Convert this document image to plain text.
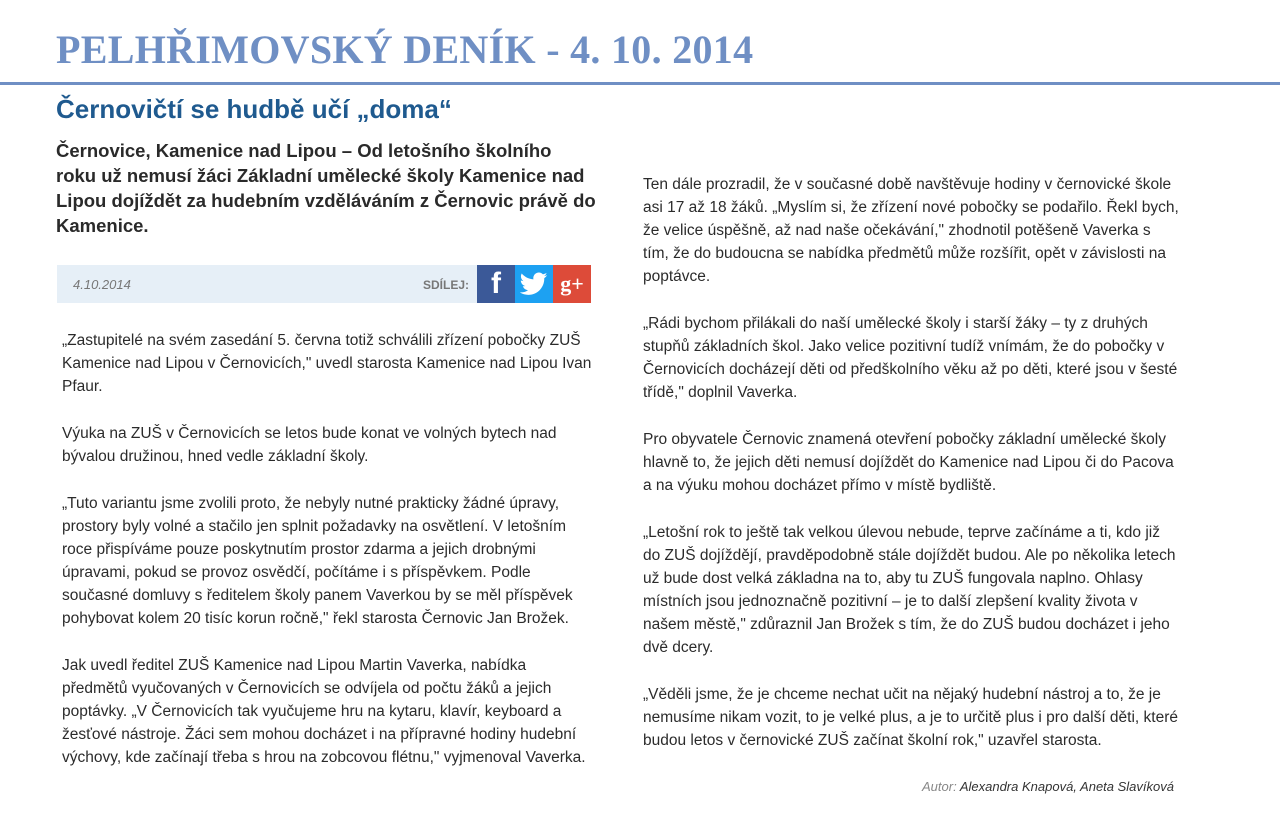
PELHŘIMOVSKÝ DENÍK - 4. 10. 2014
Černovičtí se hudbě učí „doma“

Černovice, Kamenice nad Lipou – Od letošního školního roku už nemusí žáci Základní umělecké školy Kamenice nad Lipou dojíždět za hudebním vzděláváním z Černovic právě do Kamenice.

4.10.2014	SDÍLEJ: f	g+

„Zastupitelé na svém zasedání 5. června totiž schválili zřízení pobočky ZUŠ Kamenice nad Lipou v Černovicích," uvedl starosta Kamenice nad Lipou Ivan Pfaur.

Výuka na ZUŠ v Černovicích se letos bude konat ve volných bytech nad bývalou družinou, hned vedle základní školy.

„Tuto variantu jsme zvolili proto, že nebyly nutné prakticky žádné úpravy, prostory byly volné a stačilo jen splnit požadavky na osvětlení. V letošním roce přispíváme pouze poskytnutím prostor zdarma a jejich drobnými úpravami, pokud se provoz osvědčí, počítáme i s příspěvkem. Podle současné domluvy s ředitelem školy panem Vaverkou by se měl příspěvek pohybovat kolem 20 tisíc korun ročně," řekl starosta Černovic Jan Brožek.

Jak uvedl ředitel ZUŠ Kamenice nad Lipou Martin Vaverka, nabídka předmětů vyučovaných v Černovicích se odvíjela od počtu žáků a jejich poptávky. „V Černovicích tak vyučujeme hru na kytaru, klavír, keyboard a žesťové nástroje. Žáci sem mohou docházet i na přípravné hodiny hudební výchovy, kde začínají třeba s hrou na zobcovou flétnu," vyjmenoval Vaverka.

Ten dále prozradil, že v současné době navštěvuje hodiny v černovické škole asi 17 až 18 žáků. „Myslím si, že zřízení nové pobočky se podařilo. Řekl bych, že velice úspěšně, až nad naše očekávání," zhodnotil potěšeně Vaverka s tím, že do budoucna se nabídka předmětů může rozšířit, opět v závislosti na poptávce.

„Rádi bychom přilákali do naší umělecké školy i starší žáky – ty z druhých stupňů základních škol. Jako velice pozitivní tudíž vnímám, že do pobočky v Černovicích docházejí děti od předškolního věku až po děti, které jsou v šesté třídě," doplnil Vaverka.

Pro obyvatele Černovic znamená otevření pobočky základní umělecké školy hlavně to, že jejich děti nemusí dojíždět do Kamenice nad Lipou či do Pacova a na výuku mohou docházet přímo v místě bydliště.

„Letošní rok to ještě tak velkou úlevou nebude, teprve začínáme a ti, kdo již do ZUŠ dojíždějí, pravděpodobně stále dojíždět budou. Ale po několika letech už bude dost velká základna na to, aby tu ZUŠ fungovala naplno. Ohlasy místních jsou jednoznačně pozitivní – je to další zlepšení kvality života v našem městě," zdůraznil Jan Brožek s tím, že do ZUŠ budou docházet i jeho dvě dcery.

„Věděli jsme, že je chceme nechat učit na nějaký hudební nástroj a to, že je nemusíme nikam vozit, to je velké plus, a je to určitě plus i pro další děti, které budou letos v černovické ZUŠ začínat školní rok," uzavřel starosta.

Autor: Alexandra Knapová, Aneta Slavíková
